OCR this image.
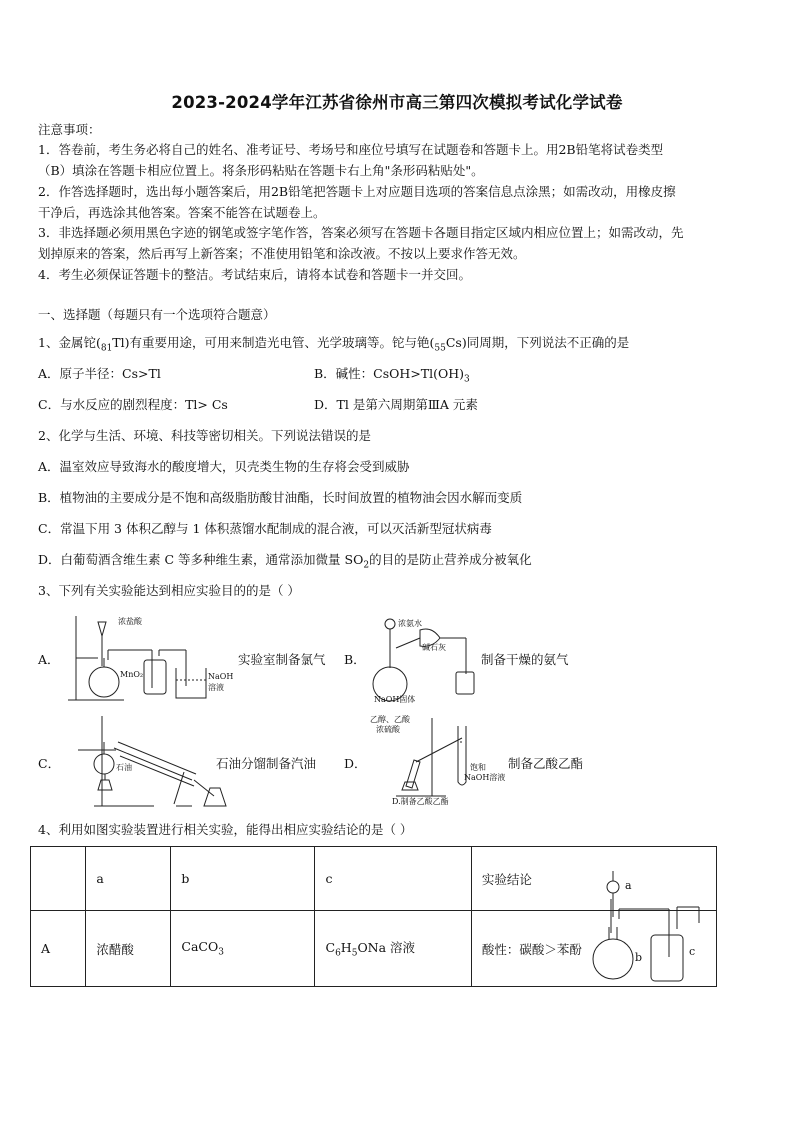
2023-2024学年江苏省徐州市高三第四次模拟考试化学试卷
注意事项：
1．答卷前，考生务必将自己的姓名、准考证号、考场号和座位号填写在试题卷和答题卡上。用2B铅笔将试卷类型
（B）填涂在答题卡相应位置上。将条形码粘贴在答题卡右上角"条形码粘贴处"。
2．作答选择题时，选出每小题答案后，用2B铅笔把答题卡上对应题目选项的答案信息点涂黑；如需改动，用橡皮擦
干净后，再选涂其他答案。答案不能答在试题卷上。
3．非选择题必须用黑色字迹的钢笔或签字笔作答，答案必须写在答题卡各题目指定区域内相应位置上；如需改动，先
划掉原来的答案，然后再写上新答案；不准使用铅笔和涂改液。不按以上要求作答无效。
4．考生必须保证答题卡的整洁。考试结束后，请将本试卷和答题卡一并交回。
一、选择题（每题只有一个选项符合题意）
1、金属铊$(_{81}Tl)$有重要用途，可用来制造光电管、光学玻璃等。铊与铯$(_{55}Cs)$同周期，下列说法不正确的是
A．原子半径：Cs>Tl	B．碱性：$CsOH>Tl(OH)_3$
C．与水反应的剧烈程度：Tl> Cs	D．Tl 是第六周期第ⅢA 元素
2、化学与生活、环境、科技等密切相关。下列说法错误的是
A．温室效应导致海水的酸度增大，贝壳类生物的生存将会受到威胁
B．植物油的主要成分是不饱和高级脂肪酸甘油酯，长时间放置的植物油会因水解而变质
C．常温下用 3 体积乙醇与 1 体积蒸馏水配制成的混合液，可以灭活新型冠状病毒
D．白葡萄酒含维生素 C 等多种维生素，通常添加微量 $SO_2$的目的是防止营养成分被氧化
3、下列有关实验能达到相应实验目的的是（ ）
A．
浓盐酸
MnO₂	NaOH
溶液
实验室制备氯气 B．
浓氨水
碱石灰
NaOH固体
制备干燥的氨气
C．	石油	石油分馏制备汽油 D．
乙醇、乙酸
浓硫酸
饱和
NaOH溶液
D.制备乙酸乙酯
制备乙酸乙酯
4、利用如图实验装置进行相关实验，能得出相应实验结论的是（ ）
	a	b	c	实验结论
A	浓醋酸	CaCO$_3$	$C_6H_5ONa$ 溶液	酸性：碳酸＞苯酚
a
b	c
